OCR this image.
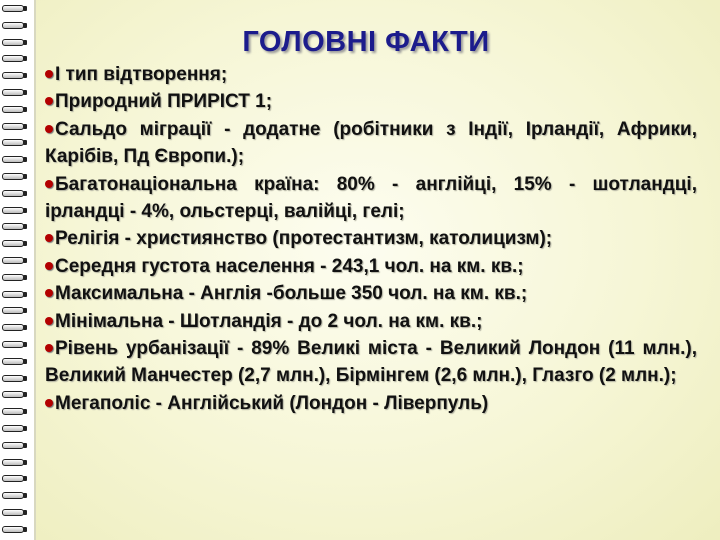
ГОЛОВНІ ФАКТИ
І тип відтворення;
Природний ПРИРІСТ 1;
Сальдо міграції - додатне (робітники з Індії, Ірландії, Африки, Карібів, Пд Європи.);
Багатонаціональна країна: 80% - англійці, 15% - шотландці, ірландці - 4%, ольстерці, валійці, гелі;
Релігія - християнство (протестантизм, католицизм);
Середня густота населення - 243,1 чол. на км. кв.;
Максимальна - Англія -больше 350 чол. на км. кв.;
Мінімальна - Шотландія - до 2 чол. на км. кв.;
Рівень урбанізації - 89% Великі міста - Великий Лондон (11 млн.), Великий Манчестер (2,7 млн.), Бірмінгем (2,6 млн.), Глазго (2 млн.);
Мегаполіс - Англійський (Лондон - Ліверпуль)
